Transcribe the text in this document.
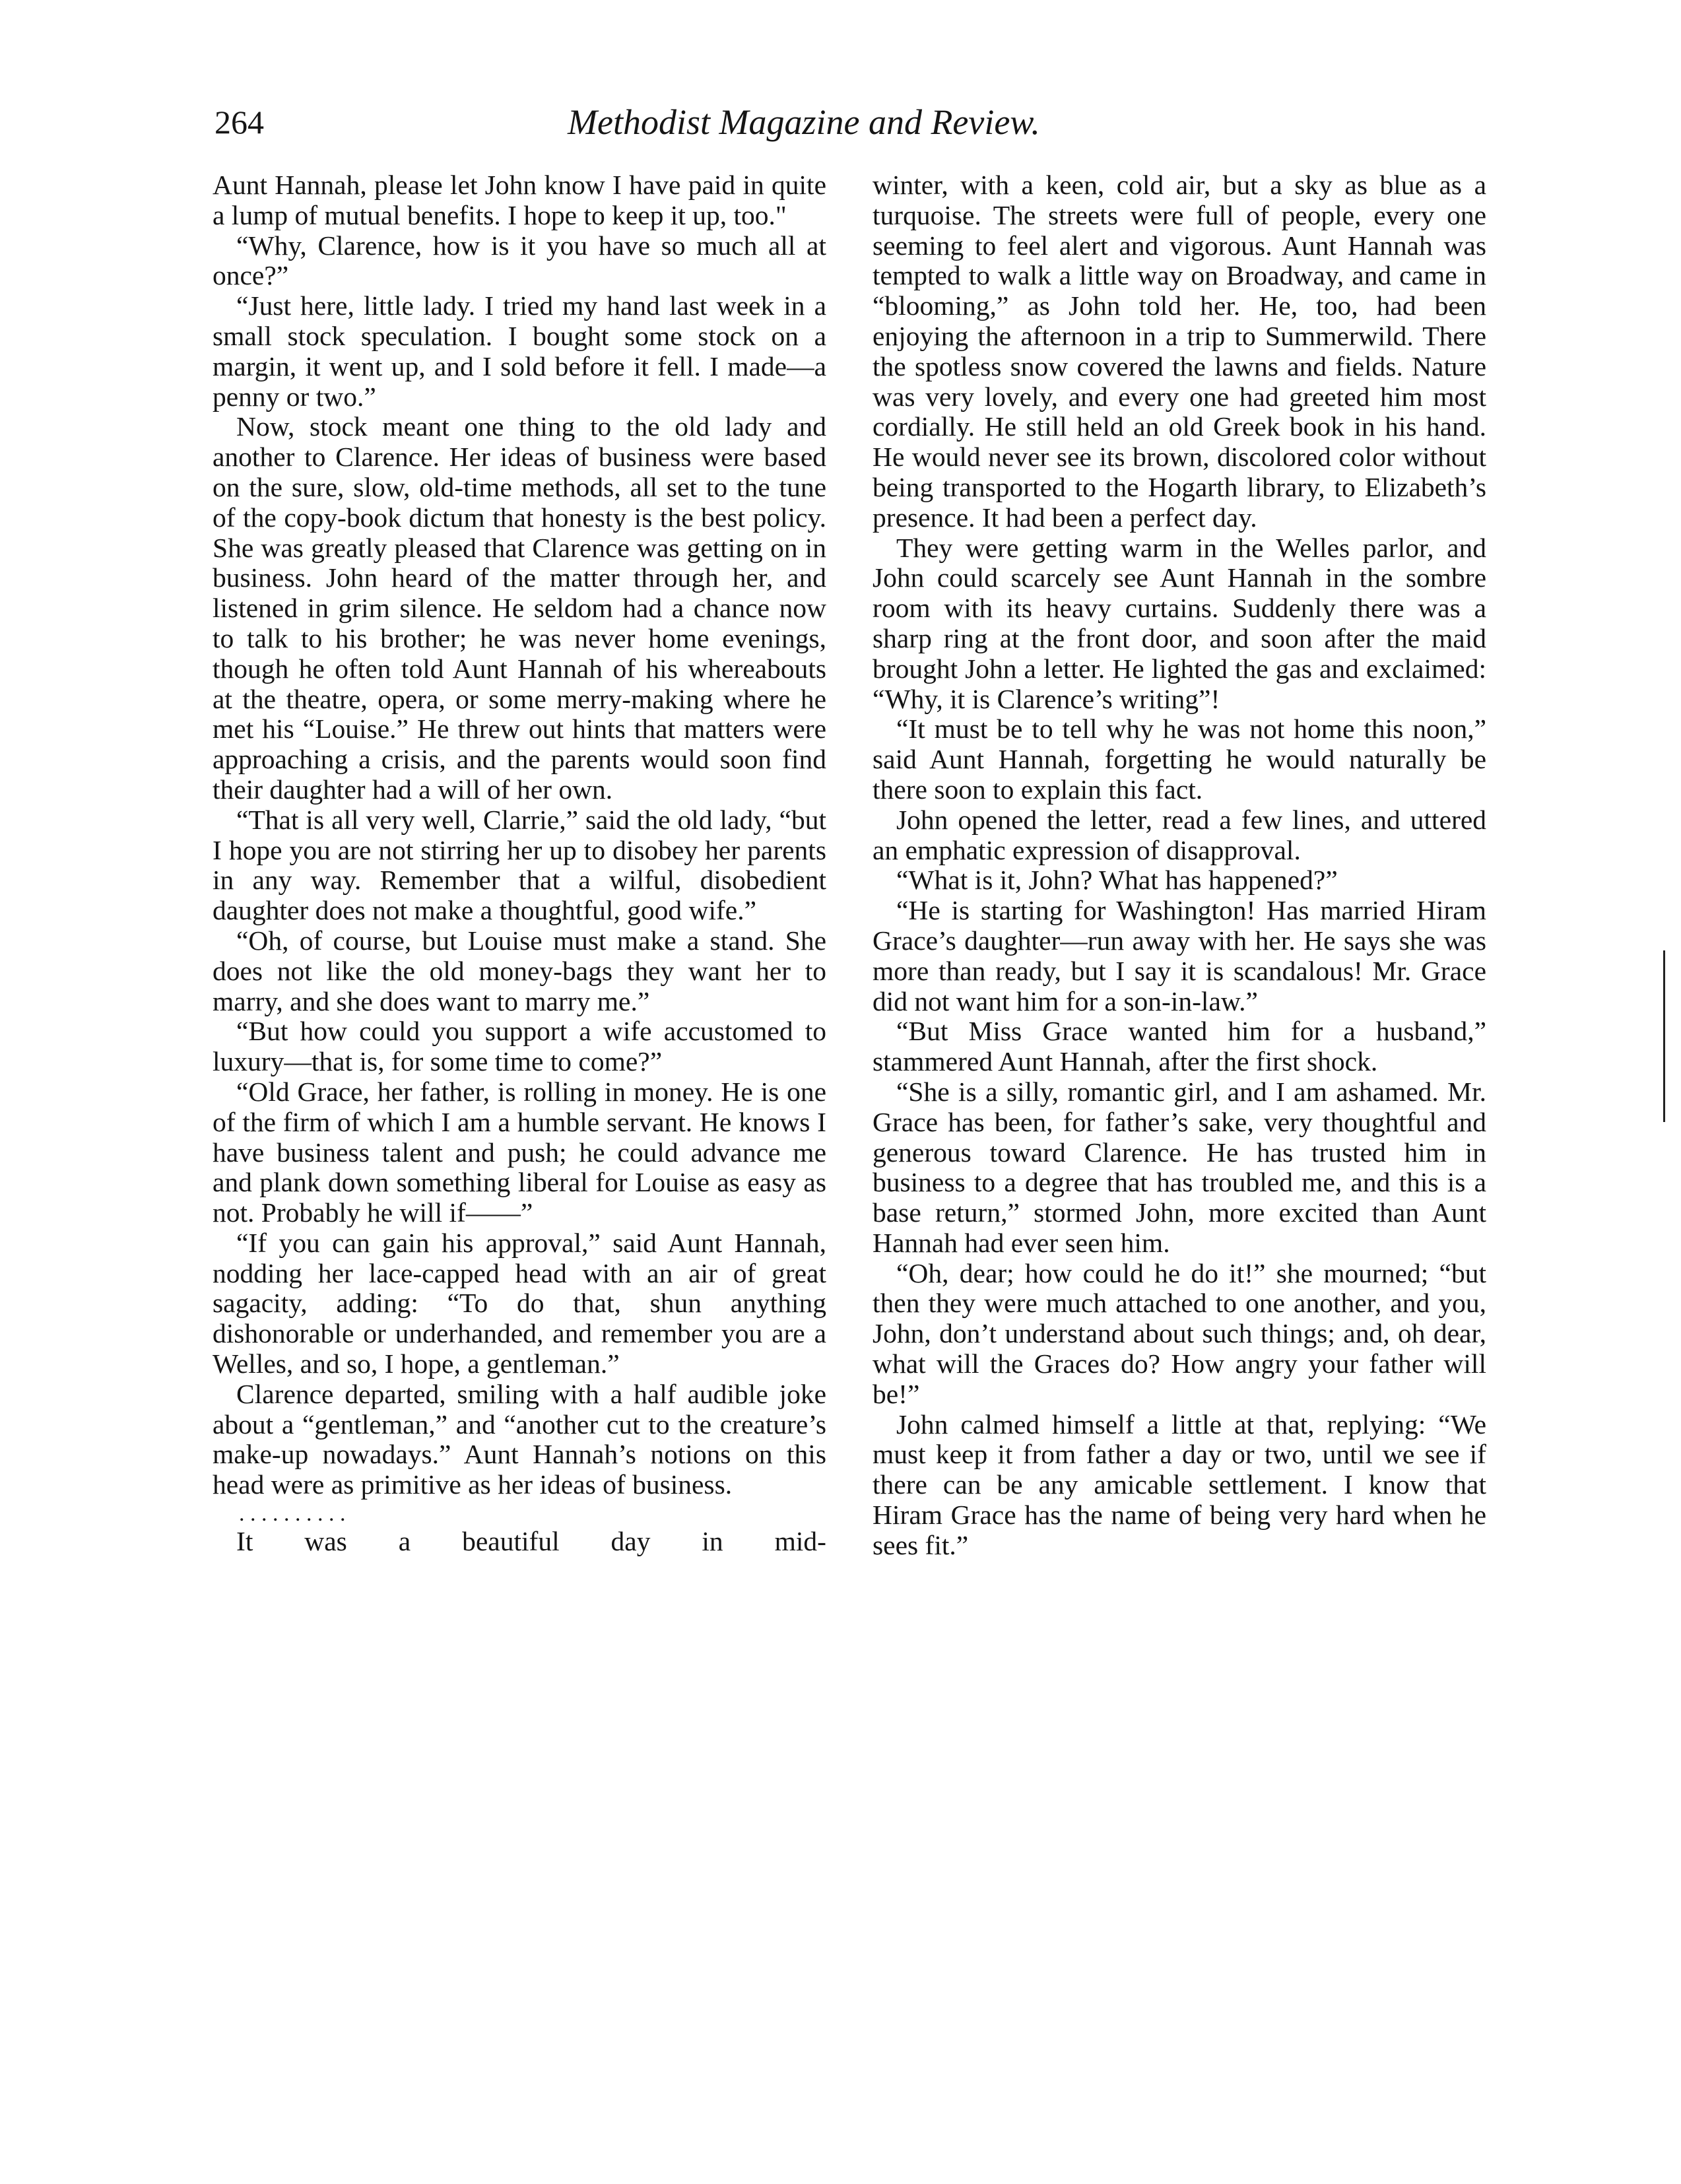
264	Methodist Magazine and Review.

Aunt Hannah, please let John know I have paid in quite a lump of mutual benefits. I hope to keep it up, too."

“Why, Clarence, how is it you have so much all at once?”

“Just here, little lady. I tried my hand last week in a small stock speculation. I bought some stock on a margin, it went up, and I sold before it fell. I made—a penny or two.”

Now, stock meant one thing to the old lady and another to Clarence. Her ideas of business were based on the sure, slow, old-time methods, all set to the tune of the copy-book dictum that honesty is the best policy. She was greatly pleased that Clarence was getting on in business. John heard of the matter through her, and listened in grim silence. He seldom had a chance now to talk to his brother; he was never home evenings, though he often told Aunt Hannah of his whereabouts at the theatre, opera, or some merry-making where he met his “Louise.” He threw out hints that matters were approaching a crisis, and the parents would soon find their daughter had a will of her own.

“That is all very well, Clarrie,” said the old lady, “but I hope you are not stirring her up to disobey her parents in any way. Remember that a wilful, disobedient daughter does not make a thoughtful, good wife.”

“Oh, of course, but Louise must make a stand. She does not like the old money-bags they want her to marry, and she does want to marry me.”

“But how could you support a wife accustomed to luxury—that is, for some time to come?”

“Old Grace, her father, is rolling in money. He is one of the firm of which I am a humble servant. He knows I have business talent and push; he could advance me and plank down something liberal for Louise as easy as not. Probably he will if——”

“If you can gain his approval,” said Aunt Hannah, nodding her lace-capped head with an air of great sagacity, adding: “To do that, shun anything dishonorable or underhanded, and remember you are a Welles, and so, I hope, a gentleman.”

Clarence departed, smiling with a half audible joke about a “gentleman,” and “another cut to the creature’s make-up nowadays.” Aunt Hannah’s notions on this head were as primitive as her ideas of business.

. . . . . . . . . .

It was a beautiful day in mid-

winter, with a keen, cold air, but a sky as blue as a turquoise. The streets were full of people, every one seeming to feel alert and vigorous. Aunt Hannah was tempted to walk a little way on Broadway, and came in “blooming,” as John told her. He, too, had been enjoying the afternoon in a trip to Summerwild. There the spotless snow covered the lawns and fields. Nature was very lovely, and every one had greeted him most cordially. He still held an old Greek book in his hand. He would never see its brown, discolored color without being transported to the Hogarth library, to Elizabeth’s presence. It had been a perfect day.

They were getting warm in the Welles parlor, and John could scarcely see Aunt Hannah in the sombre room with its heavy curtains. Suddenly there was a sharp ring at the front door, and soon after the maid brought John a letter. He lighted the gas and exclaimed: “Why, it is Clarence’s writing”!

“It must be to tell why he was not home this noon,” said Aunt Hannah, forgetting he would naturally be there soon to explain this fact.

John opened the letter, read a few lines, and uttered an emphatic expression of disapproval.

“What is it, John? What has happened?”

“He is starting for Washington! Has married Hiram Grace’s daughter—run away with her. He says she was more than ready, but I say it is scandalous! Mr. Grace did not want him for a son-in-law.”

“But Miss Grace wanted him for a husband,” stammered Aunt Hannah, after the first shock.

“She is a silly, romantic girl, and I am ashamed. Mr. Grace has been, for father’s sake, very thoughtful and generous toward Clarence. He has trusted him in business to a degree that has troubled me, and this is a base return,” stormed John, more excited than Aunt Hannah had ever seen him.

“Oh, dear; how could he do it!” she mourned; “but then they were much attached to one another, and you, John, don’t understand about such things; and, oh dear, what will the Graces do? How angry your father will be!”

John calmed himself a little at that, replying: “We must keep it from father a day or two, until we see if there can be any amicable settlement. I know that Hiram Grace has the name of being very hard when he sees fit.”
